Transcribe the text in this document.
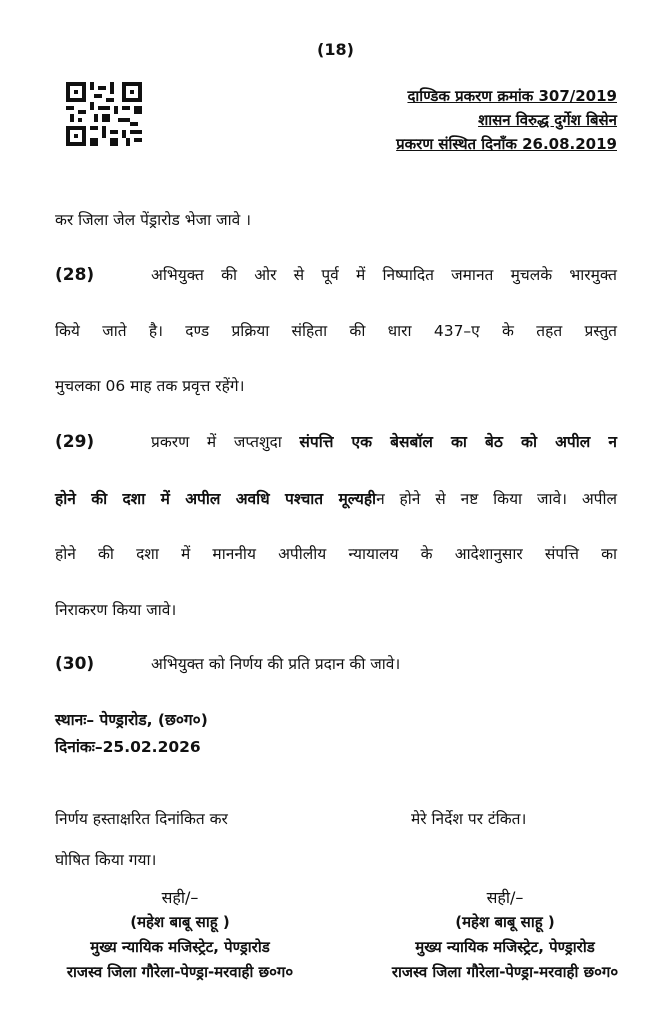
(18)
दाण्डिक प्रकरण क्रमांक 307/2019
शासन विरुद्ध दुर्गेश बिसेन
प्रकरण संस्थित दिनाँक 26.08.2019
कर जिला जेल पेंड्रारोड भेजा जावे ।
(28)	अभियुक्त की ओर से पूर्व में निष्पादित जमानत मुचलके भारमुक्त
किये जाते है। दण्ड प्रक्रिया संहिता की धारा 437–ए के तहत प्रस्तुत
मुचलका 06 माह तक प्रवृत्त रहेंगे।
(29)	प्रकरण में जप्तशुदा संपत्ति एक बेसबॉल का बेठ को अपील न
होने की दशा में अपील अवधि पश्चात मूल्यहीन होने से नष्ट किया जावे। अपील
होने की दशा में माननीय अपीलीय न्यायालय के आदेशानुसार संपत्ति का
निराकरण किया जावे।
(30)	अभियुक्त को निर्णय की प्रति प्रदान की जावे।
स्थानः– पेण्ड्रारोड, (छ०ग०)
दिनांकः–25.02.2026
निर्णय हस्ताक्षरित दिनांकित कर
घोषित किया गया।
मेरे निर्देश पर टंकित।
सही/–
(महेश बाबू साहू )
मुख्य न्यायिक मजिस्ट्रेट, पेण्ड्रारोड
राजस्व जिला गौरेला-पेण्ड्रा-मरवाही छ०ग०
सही/–
(महेश बाबू साहू )
मुख्य न्यायिक मजिस्ट्रेट, पेण्ड्रारोड
राजस्व जिला गौरेला-पेण्ड्रा-मरवाही छ०ग०
